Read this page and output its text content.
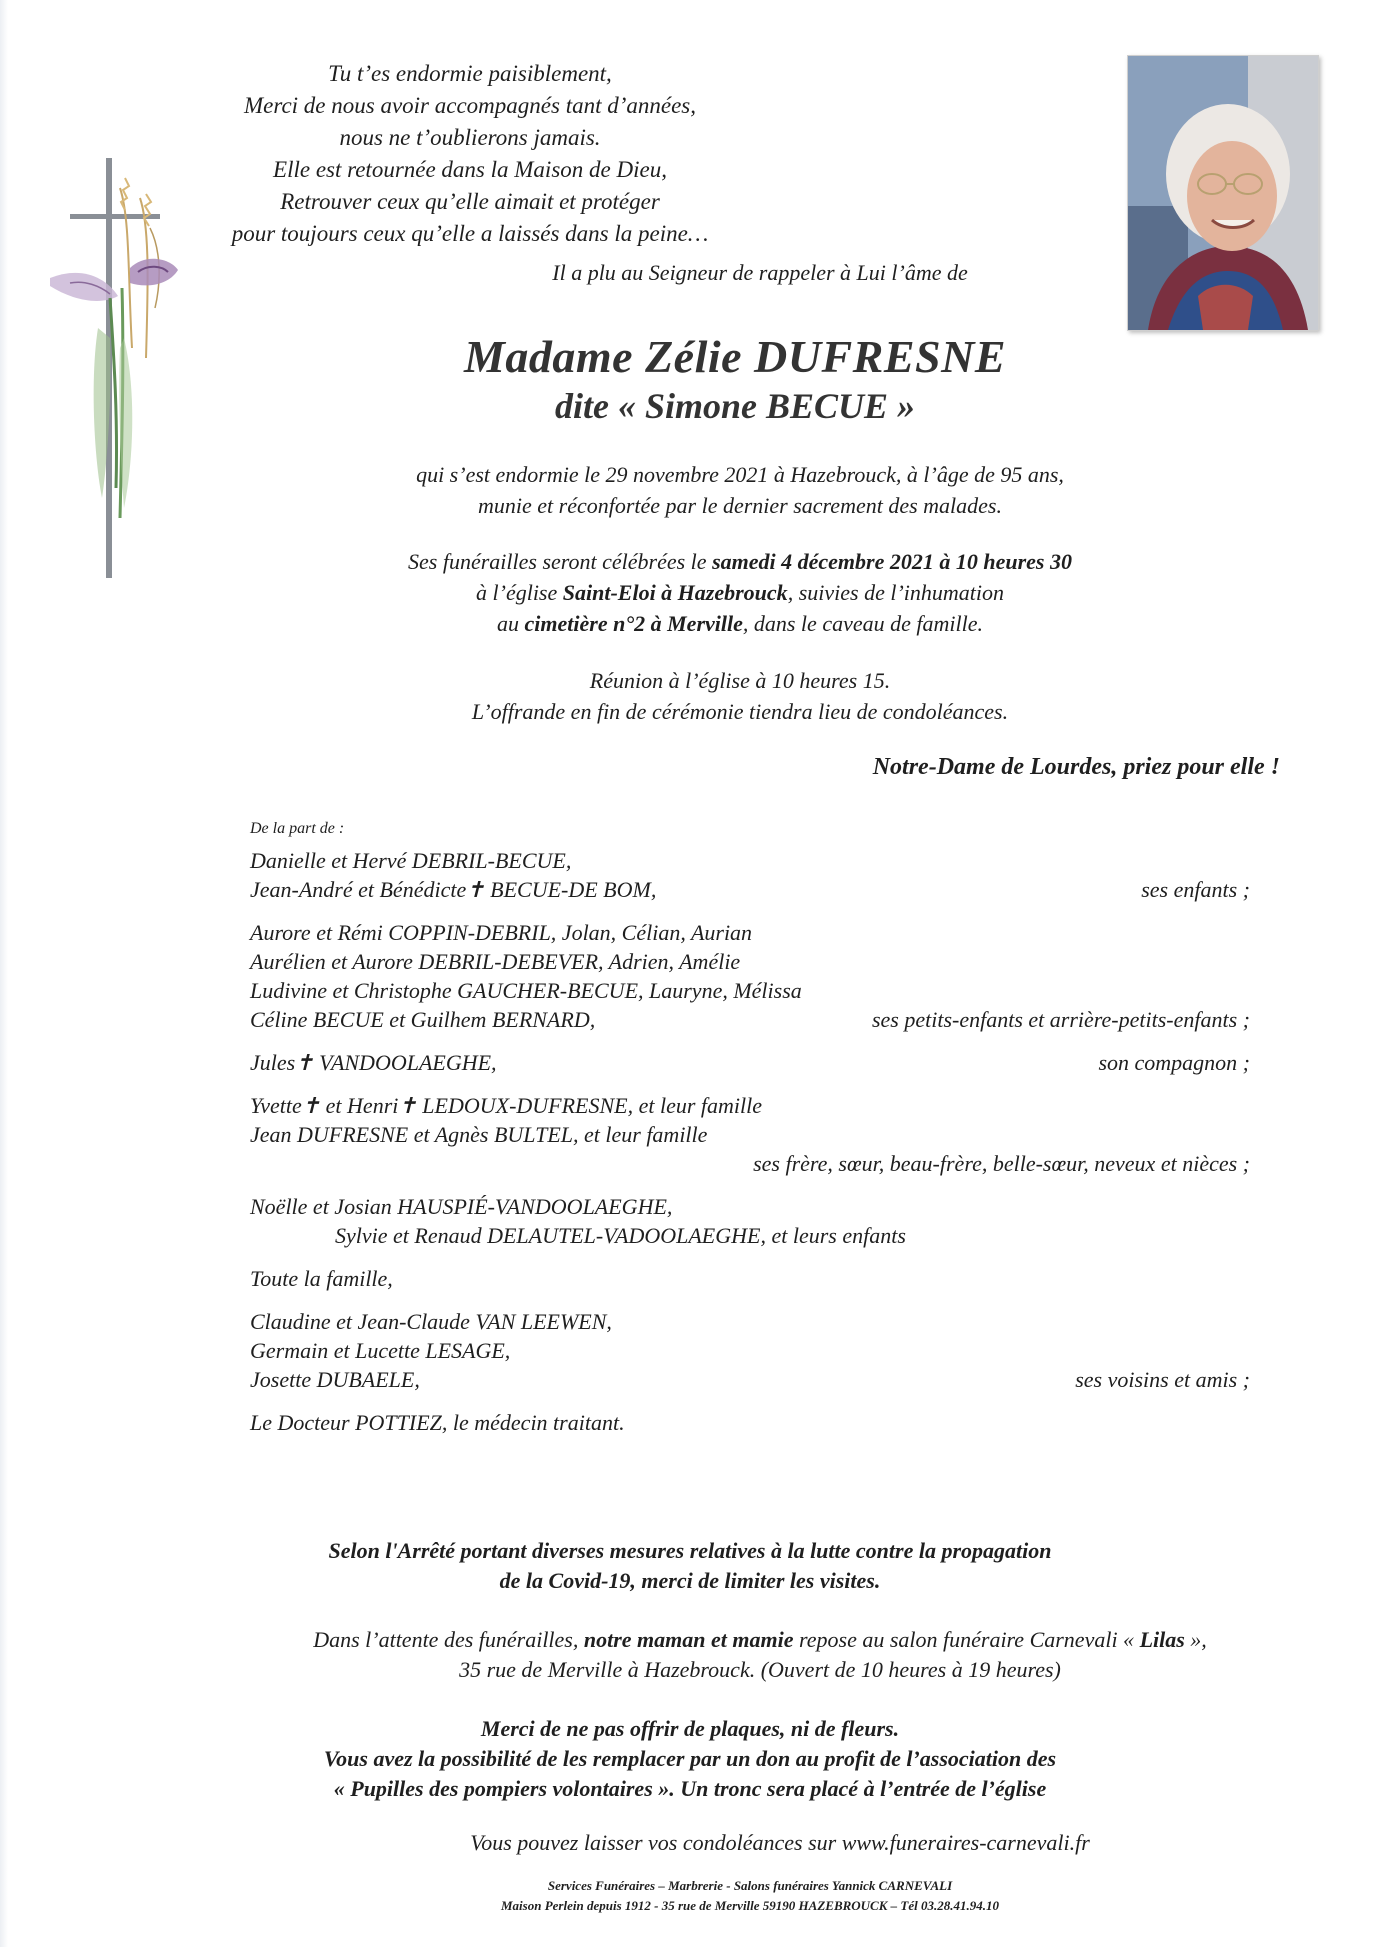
Tu t’es endormie paisiblement,
Merci de nous avoir accompagnés tant d’années,
nous ne t’oublierons jamais.
Elle est retournée dans la Maison de Dieu,
Retrouver ceux qu’elle aimait et protéger
pour toujours ceux qu’elle a laissés dans la peine…
Il a plu au Seigneur de rappeler à Lui l’âme de
Madame Zélie DUFRESNE
dite « Simone BECUE »
qui s’est endormie le 29 novembre 2021 à Hazebrouck, à l’âge de 95 ans,
munie et réconfortée par le dernier sacrement des malades.
Ses funérailles seront célébrées le samedi 4 décembre 2021 à 10 heures 30
à l’église Saint-Eloi à Hazebrouck, suivies de l’inhumation
au cimetière n°2 à Merville, dans le caveau de famille.
Réunion à l’église à 10 heures 15.
L’offrande en fin de cérémonie tiendra lieu de condoléances.
Notre-Dame de Lourdes, priez pour elle !
De la part de :
Danielle et Hervé DEBRIL-BECUE,
Jean-André et Bénédicte✝ BECUE-DE BOM,	ses enfants ;
Aurore et Rémi COPPIN-DEBRIL, Jolan, Célian, Aurian
Aurélien et Aurore DEBRIL-DEBEVER, Adrien, Amélie
Ludivine et Christophe GAUCHER-BECUE, Lauryne, Mélissa
Céline BECUE et Guilhem BERNARD,	ses petits-enfants et arrière-petits-enfants ;
Jules✝ VANDOOLAEGHE,	son compagnon ;
Yvette✝ et Henri✝ LEDOUX-DUFRESNE, et leur famille
Jean DUFRESNE et Agnès BULTEL, et leur famille
ses frère, sœur, beau-frère, belle-sœur, neveux et nièces ;
Noëlle et Josian HAUSPIÉ-VANDOOLAEGHE,
Sylvie et Renaud DELAUTEL-VADOOLAEGHE, et leurs enfants
Toute la famille,
Claudine et Jean-Claude VAN LEEWEN,
Germain et Lucette LESAGE,
Josette DUBAELE,	ses voisins et amis ;
Le Docteur POTTIEZ, le médecin traitant.
Selon l'Arrêté portant diverses mesures relatives à la lutte contre la propagation
de la Covid-19, merci de limiter les visites.
Dans l’attente des funérailles, notre maman et mamie repose au salon funéraire Carnevali « Lilas »,
35 rue de Merville à Hazebrouck. (Ouvert de 10 heures à 19 heures)
Merci de ne pas offrir de plaques, ni de fleurs.
Vous avez la possibilité de les remplacer par un don au profit de l’association des
« Pupilles des pompiers volontaires ». Un tronc sera placé à l’entrée de l’église
Vous pouvez laisser vos condoléances sur www.funeraires-carnevali.fr
Services Funéraires – Marbrerie - Salons funéraires Yannick CARNEVALI
Maison Perlein depuis 1912 - 35 rue de Merville 59190 HAZEBROUCK – Tél 03.28.41.94.10
